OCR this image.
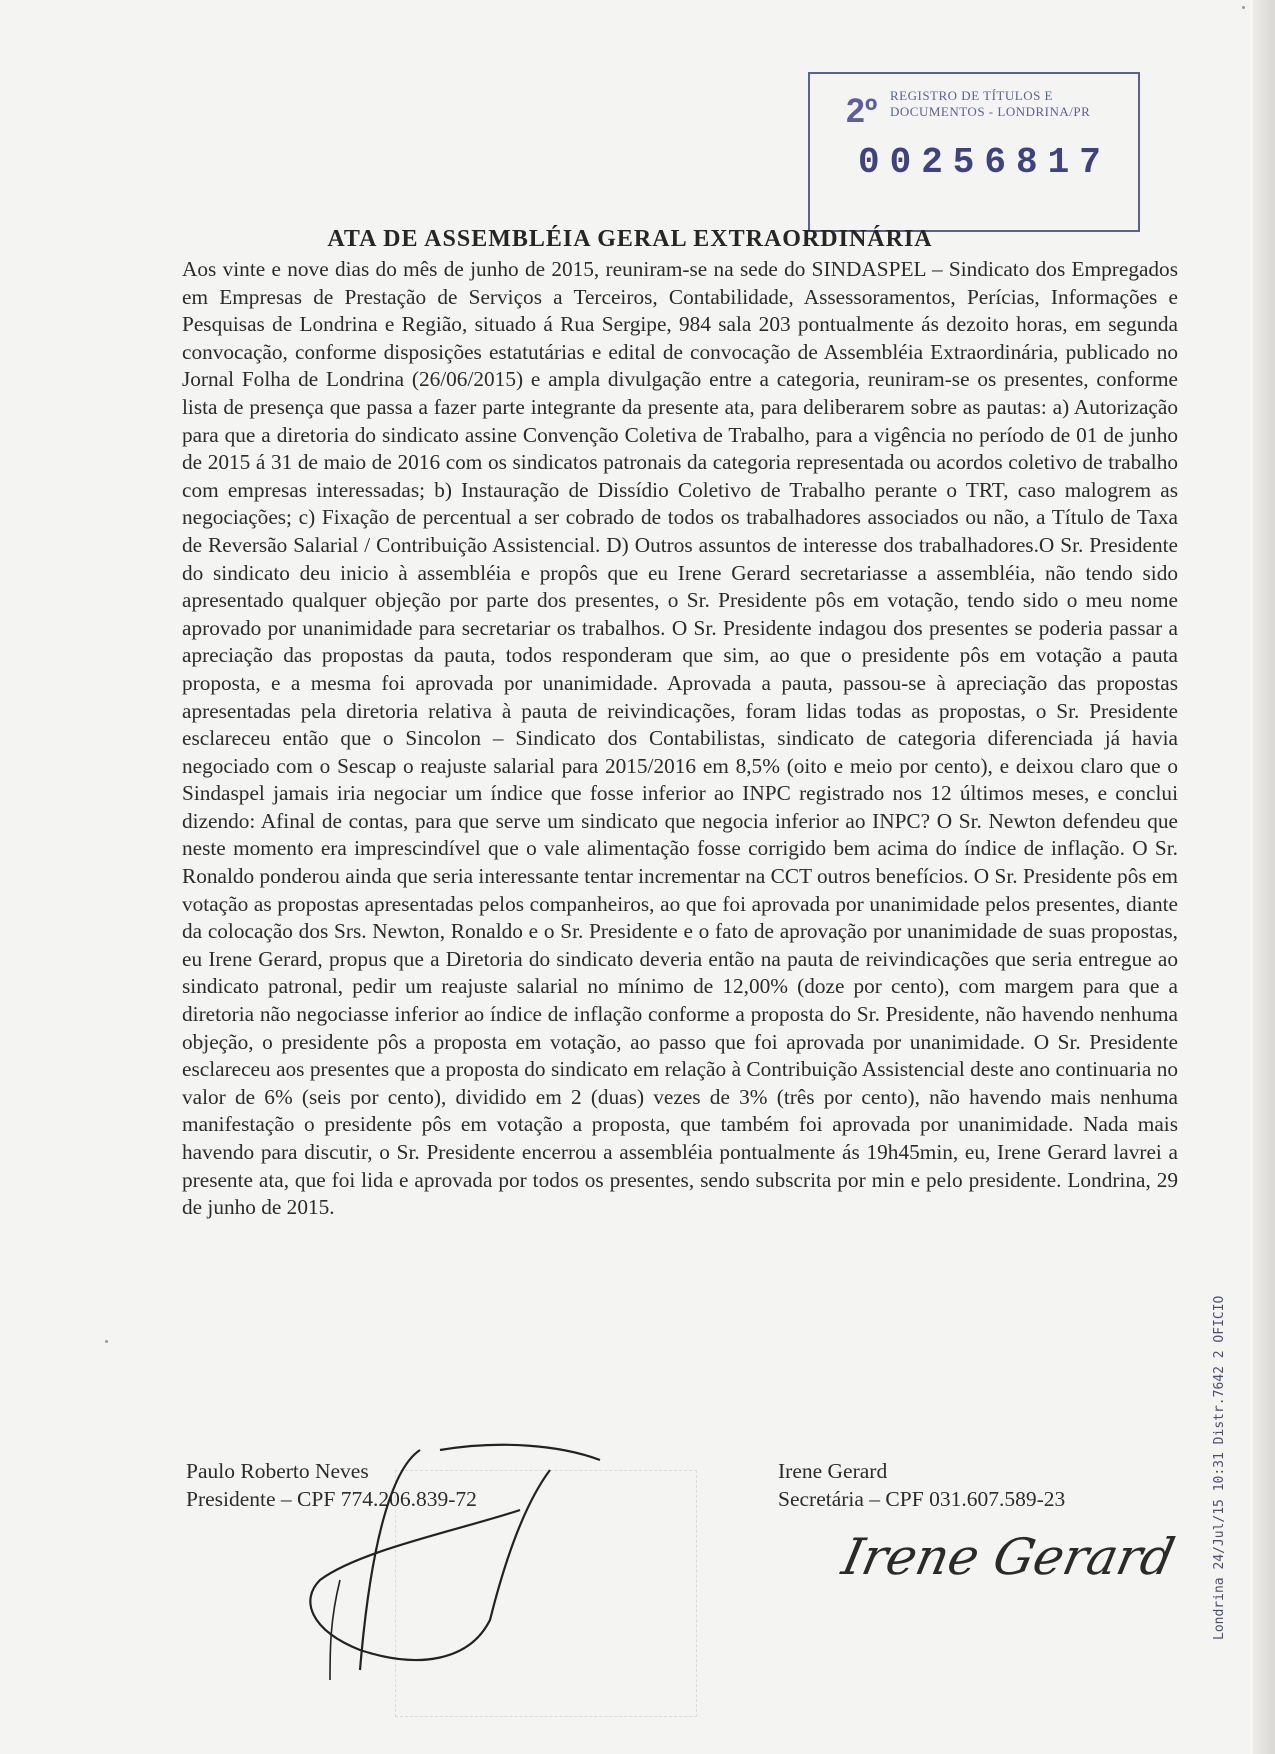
2º REGISTRO DE TÍTULOS E DOCUMENTOS - LONDRINA/PR
00256817
ATA DE ASSEMBLÉIA GERAL EXTRAORDINÁRIA
Aos vinte e nove dias do mês de junho de 2015, reuniram-se na sede do SINDASPEL – Sindicato dos Empregados em Empresas de Prestação de Serviços a Terceiros, Contabilidade, Assessoramentos, Perícias, Informações e Pesquisas de Londrina e Região, situado á Rua Sergipe, 984 sala 203 pontualmente ás dezoito horas, em segunda convocação, conforme disposições estatutárias e edital de convocação de Assembléia Extraordinária, publicado no Jornal Folha de Londrina (26/06/2015) e ampla divulgação entre a categoria, reuniram-se os presentes, conforme lista de presença que passa a fazer parte integrante da presente ata, para deliberarem sobre as pautas: a) Autorização para que a diretoria do sindicato assine Convenção Coletiva de Trabalho, para a vigência no período de 01 de junho de 2015 á 31 de maio de 2016 com os sindicatos patronais da categoria representada ou acordos coletivo de trabalho com empresas interessadas; b) Instauração de Dissídio Coletivo de Trabalho perante o TRT, caso malogrem as negociações; c) Fixação de percentual a ser cobrado de todos os trabalhadores associados ou não, a Título de Taxa de Reversão Salarial / Contribuição Assistencial. D) Outros assuntos de interesse dos trabalhadores.O Sr. Presidente do sindicato deu inicio à assembléia e propôs que eu Irene Gerard secretariasse a assembléia, não tendo sido apresentado qualquer objeção por parte dos presentes, o Sr. Presidente pôs em votação, tendo sido o meu nome aprovado por unanimidade para secretariar os trabalhos. O Sr. Presidente indagou dos presentes se poderia passar a apreciação das propostas da pauta, todos responderam que sim, ao que o presidente pôs em votação a pauta proposta, e a mesma foi aprovada por unanimidade. Aprovada a pauta, passou-se à apreciação das propostas apresentadas pela diretoria relativa à pauta de reivindicações, foram lidas todas as propostas, o Sr. Presidente esclareceu então que o Sincolon – Sindicato dos Contabilistas, sindicato de categoria diferenciada já havia negociado com o Sescap o reajuste salarial para 2015/2016 em 8,5% (oito e meio por cento), e deixou claro que o Sindaspel jamais iria negociar um índice que fosse inferior ao INPC registrado nos 12 últimos meses, e conclui dizendo: Afinal de contas, para que serve um sindicato que negocia inferior ao INPC? O Sr. Newton defendeu que neste momento era imprescindível que o vale alimentação fosse corrigido bem acima do índice de inflação. O Sr. Ronaldo ponderou ainda que seria interessante tentar incrementar na CCT outros benefícios. O Sr. Presidente pôs em votação as propostas apresentadas pelos companheiros, ao que foi aprovada por unanimidade pelos presentes, diante da colocação dos Srs. Newton, Ronaldo e o Sr. Presidente e o fato de aprovação por unanimidade de suas propostas, eu Irene Gerard, propus que a Diretoria do sindicato deveria então na pauta de reivindicações que seria entregue ao sindicato patronal, pedir um reajuste salarial no mínimo de 12,00% (doze por cento), com margem para que a diretoria não negociasse inferior ao índice de inflação conforme a proposta do Sr. Presidente, não havendo nenhuma objeção, o presidente pôs a proposta em votação, ao passo que foi aprovada por unanimidade. O Sr. Presidente esclareceu aos presentes que a proposta do sindicato em relação à Contribuição Assistencial deste ano continuaria no valor de 6% (seis por cento), dividido em 2 (duas) vezes de 3% (três por cento), não havendo mais nenhuma manifestação o presidente pôs em votação a proposta, que também foi aprovada por unanimidade. Nada mais havendo para discutir, o Sr. Presidente encerrou a assembléia pontualmente ás 19h45min, eu, Irene Gerard lavrei a presente ata, que foi lida e aprovada por todos os presentes, sendo subscrita por min e pelo presidente. Londrina, 29 de junho de 2015.
Paulo Roberto Neves
Presidente – CPF 774.206.839-72
Irene Gerard
Secretária – CPF 031.607.589-23
Irene Gerard Londrina 24/Jul/15 10:31 Distr.7642 2 OFICIO
